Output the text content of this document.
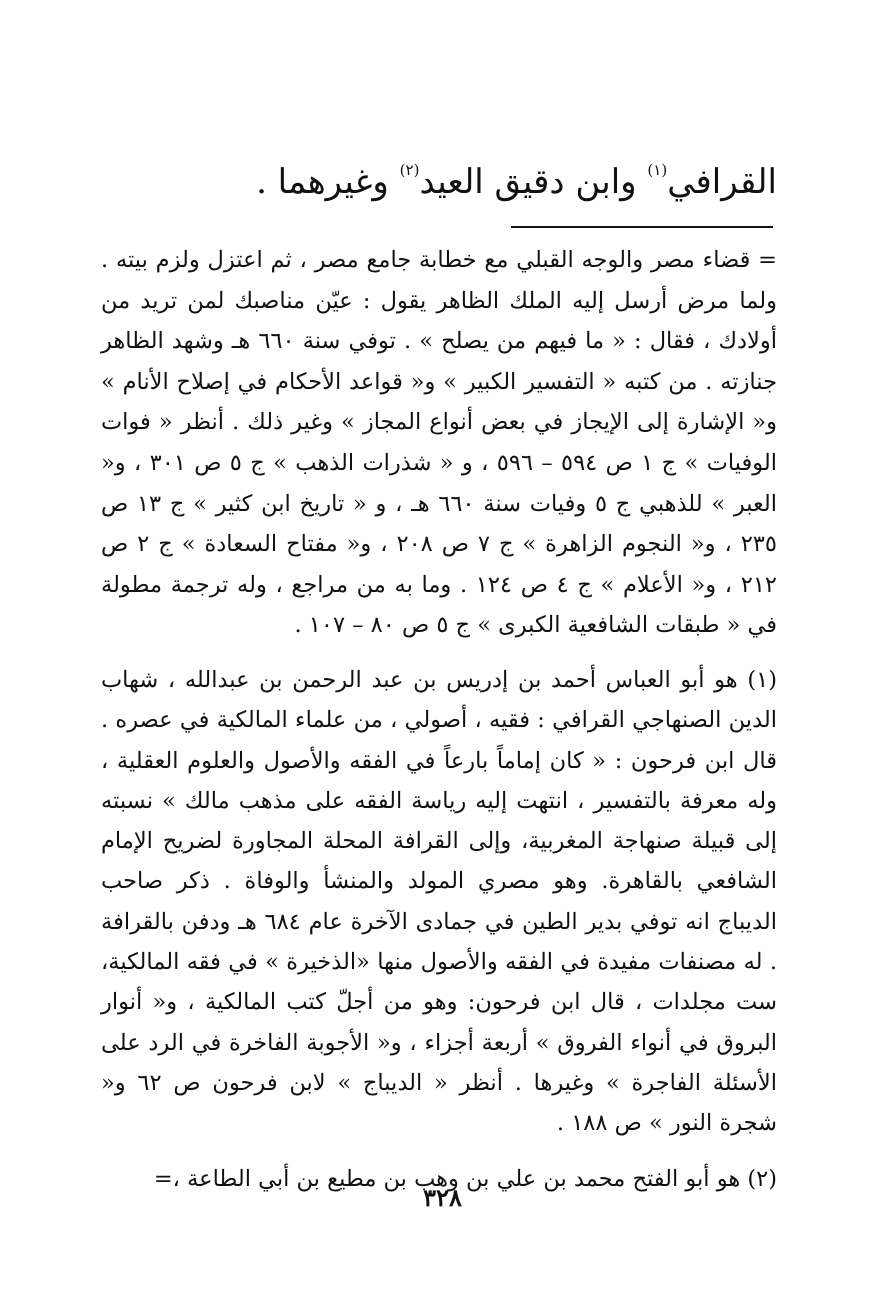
القرافي$^{(١)}$ وابن دقيق العيد$^{(٢)}$ وغيرهما .

= قضاء مصر والوجه القبلي مع خطابة جامع مصر ، ثم اعتزل ولزم بيته . ولما مرض أرسل إليه الملك الظاهر يقول : عيّن مناصبك لمن تريد من أولادك ، فقال : « ما فيهم من يصلح » . توفي سنة ٦٦٠ هـ وشهد الظاهر جنازته . من كتبه « التفسير الكبير » و« قواعد الأحكام في إصلاح الأنام » و« الإشارة إلى الإيجاز في بعض أنواع المجاز » وغير ذلك . أنظر « فوات الوفيات » ج ١ ص ٥٩٤ – ٥٩٦ ، و « شذرات الذهب » ج ٥ ص ٣٠١ ، و« العبر » للذهبي ج ٥ وفيات سنة ٦٦٠ هـ ، و « تاريخ ابن كثير » ج ١٣ ص ٢٣٥ ، و« النجوم الزاهرة » ج ٧ ص ٢٠٨ ، و« مفتاح السعادة » ج ٢ ص ٢١٢ ، و« الأعلام » ج ٤ ص ١٢٤ . وما به من مراجع ، وله ترجمة مطولة في « طبقات الشافعية الكبرى » ج ٥ ص ٨٠ – ١٠٧ .

(١) هو أبو العباس أحمد بن إدريس بن عبد الرحمن بن عبدالله ، شهاب الدين الصنهاجي القرافي : فقيه ، أصولي ، من علماء المالكية في عصره . قال ابن فرحون : « كان إماماً بارعاً في الفقه والأصول والعلوم العقلية ، وله معرفة بالتفسير ، انتهت إليه رياسة الفقه على مذهب مالك » نسبته إلى قبيلة صنهاجة المغربية، وإلى القرافة المحلة المجاورة لضريح الإمام الشافعي بالقاهرة. وهو مصري المولد والمنشأ والوفاة . ذكر صاحب الديباج انه توفي بدير الطين في جمادى الآخرة عام ٦٨٤ هـ ودفن بالقرافة . له مصنفات مفيدة في الفقه والأصول منها «الذخيرة » في فقه المالكية، ست مجلدات ، قال ابن فرحون: وهو من أجلّ كتب المالكية ، و« أنوار البروق في أنواء الفروق » أربعة أجزاء ، و« الأجوبة الفاخرة في الرد على الأسئلة الفاجرة » وغيرها . أنظر « الديباج » لابن فرحون ص ٦٢ و« شجرة النور » ص ١٨٨ .

(٢) هو أبو الفتح محمد بن علي بن وهب بن مطيع بن أبي الطاعة ،=

٣٢٨
